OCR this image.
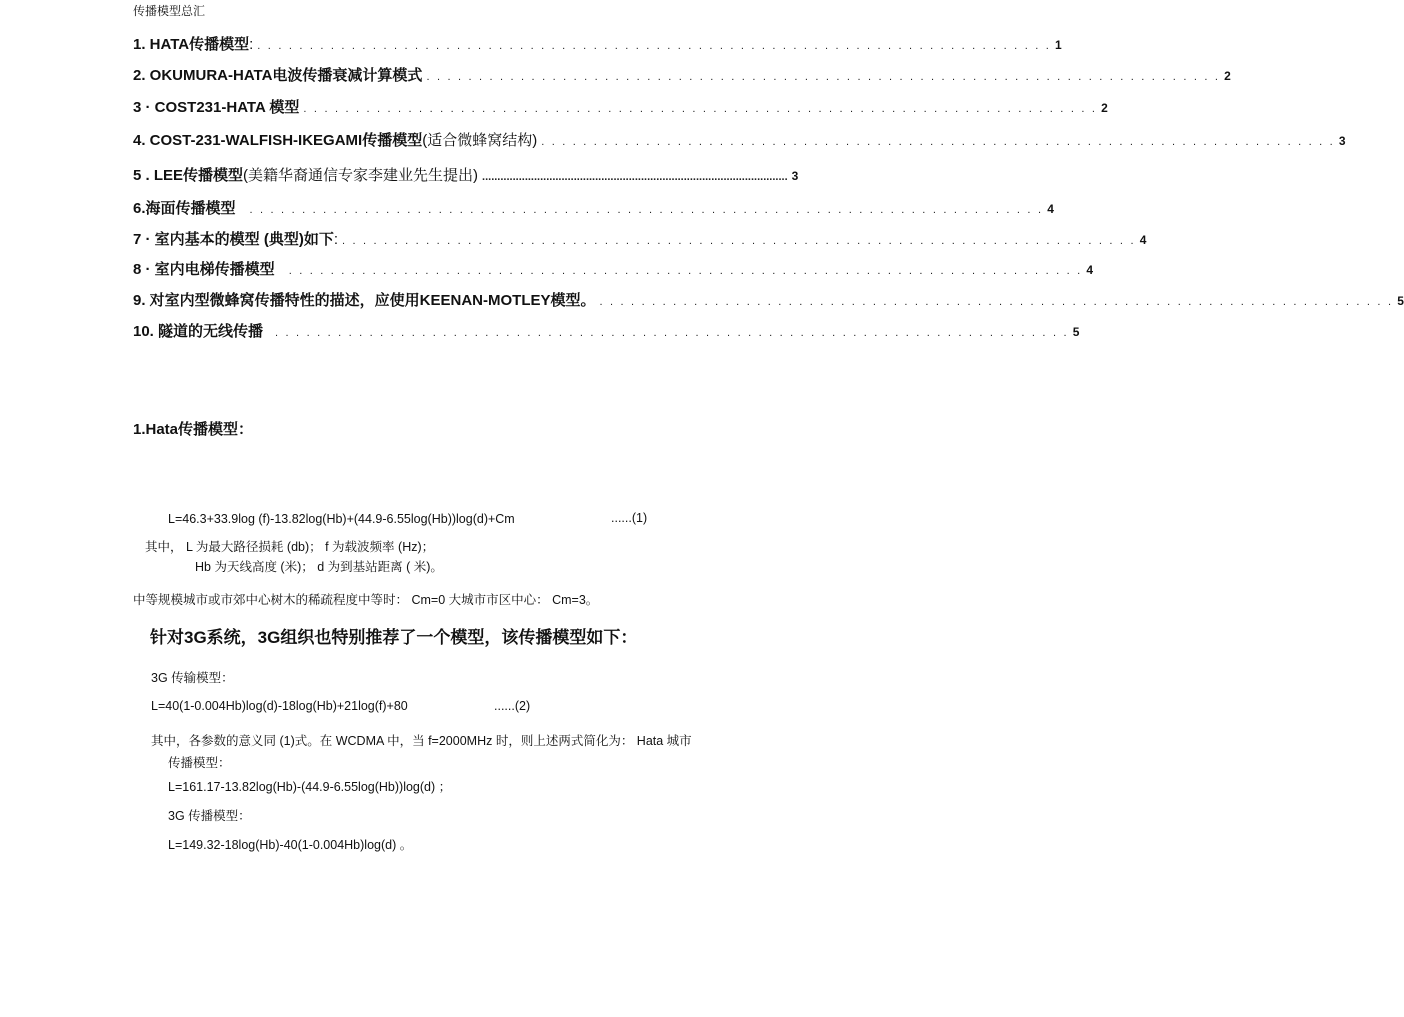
传播模型总汇
1. HATA传播模型: . . . . . . . . . . . . . . . . . . . . . . . . . . . . . . . . . . . . . . . . . . . . . . . . . . . . . . . . . . . . . . . . . . . . . . . . . . . . 1
2. OKUMURA-HATA电波传播衰减计算模式 . . . . . . . . . . . . . . . . . . . . . . . . . . . . . . . . . . . . . . . . . . . . . . . . . . . . . . . . . . . . . . . . . . . . . . . . . . . . 2
3 · COST231-HATA 模型 . . . . . . . . . . . . . . . . . . . . . . . . . . . . . . . . . . . . . . . . . . . . . . . . . . . . . . . . . . . . . . . . . . . . . . . . . . . . 2
4. COST-231-WALFISH-IKEGAMI传播模型(适合微蜂窝结构) . . . . . . . . . . . . . . . . . . . . . . . . . . . . . . . . . . . . . . . . . . . . . . . . . . . . . . . . . . . . . . . . . . . . . . . . . . . . 3
5 . LEE传播模型(美籍华裔通信专家李建业先生提出) .................................................................................................... 3
6.海面传播模型 . . . . . . . . . . . . . . . . . . . . . . . . . . . . . . . . . . . . . . . . . . . . . . . . . . . . . . . . . . . . . . . . . . . . . . . . . . . . 4
7 · 室内基本的模型 (典型)如下: . . . . . . . . . . . . . . . . . . . . . . . . . . . . . . . . . . . . . . . . . . . . . . . . . . . . . . . . . . . . . . . . . . . . . . . . . . . . 4
8 · 室内电梯传播模型 . . . . . . . . . . . . . . . . . . . . . . . . . . . . . . . . . . . . . . . . . . . . . . . . . . . . . . . . . . . . . . . . . . . . . . . . . . . . 4
9. 对室内型微蜂窝传播特性的描述，应使用KEENAN-MOTLEY模型。 . . . . . . . . . . . . . . . . . . . . . . . . . . . . . . . . . . . . . . . . . . . . . . . . . . . . . . . . . . . . . . . . . . . . . . . . . . . . 5
10. 隧道的无线传播 . . . . . . . . . . . . . . . . . . . . . . . . . . . . . . . . . . . . . . . . . . . . . . . . . . . . . . . . . . . . . . . . . . . . . . . . . . . . 5
1.Hata传播模型：
L=46.3+33.9log (f)-13.82log(Hb)+(44.9-6.55log(Hb))log(d)+Cm	......(1)
其中， L 为最大路径损耗 (db)； f 为载波频率 (Hz)；
Hb 为天线高度 (米)； d 为到基站距离 ( 米)。
中等规模城市或市郊中心树木的稀疏程度中等时： Cm=0 大城市市区中心： Cm=3。
针对3G系统，3G组织也特别推荐了一个模型，该传播模型如下：
3G 传输模型：
L=40(1-0.004Hb)log(d)-18log(Hb)+21log(f)+80	......(2)
其中，各参数的意义同 (1)式。在 WCDMA 中，当 f=2000MHz 时，则上述两式简化为： Hata 城市
传播模型：
L=161.17-13.82log(Hb)-(44.9-6.55log(Hb))log(d) ；
3G 传播模型：
L=149.32-18log(Hb)-40(1-0.004Hb)log(d) 。
